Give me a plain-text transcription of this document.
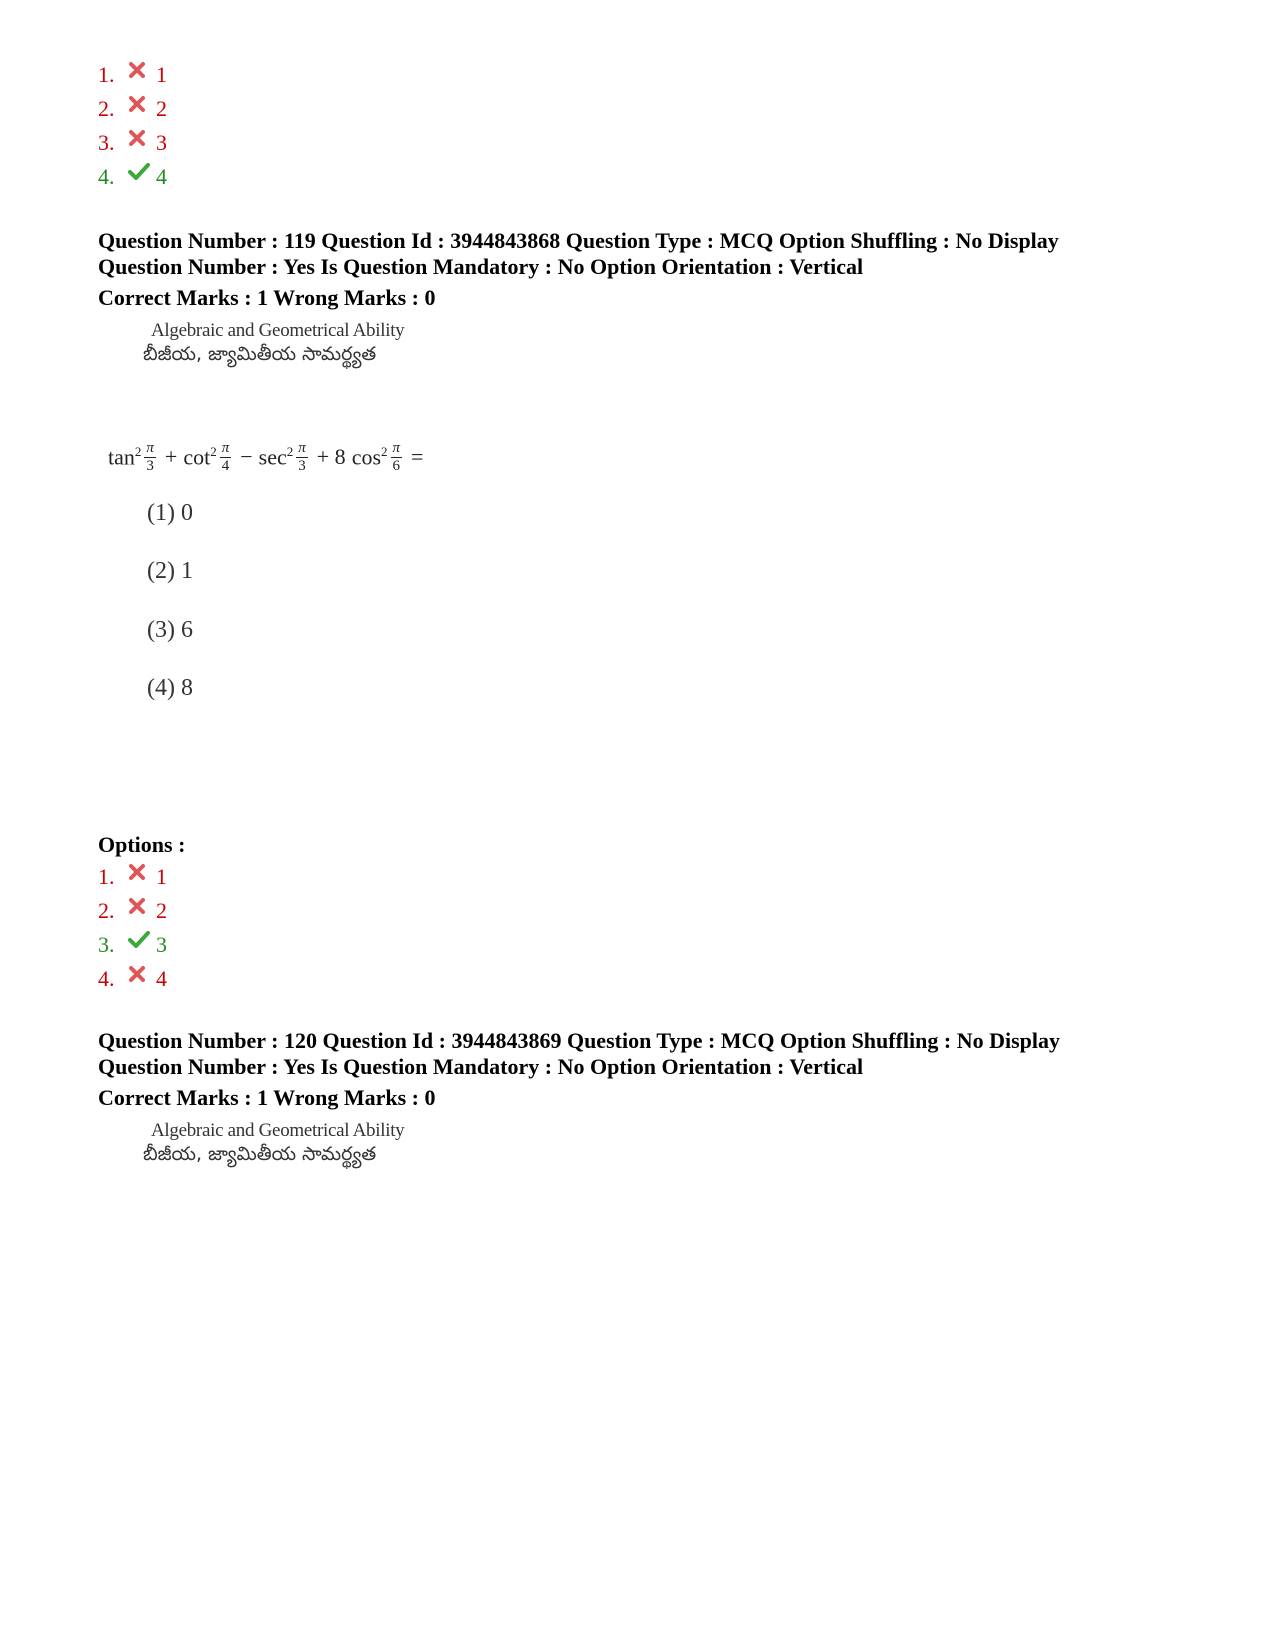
1.	1
2.	2
3.	3
4.	4
Question Number : 119 Question Id : 3944843868 Question Type : MCQ Option Shuffling : No Display
Question Number : Yes Is Question Mandatory : No Option Orientation : Vertical
Correct Marks : 1 Wrong Marks : 0
Algebraic and Geometrical Ability
బీజీయ, జ్యామితీయ సామర్థ్యత
$\tan^2 \frac{\pi}{3} + \cot^2 \frac{\pi}{4} - \sec^2 \frac{\pi}{3} + 8$ $\cos^2 \frac{\pi}{6}$ =
(1) 0
(2) 1
(3) 6
(4) 8
Options :
1.	1
2.	2
3.	3
4.	4
Question Number : 120 Question Id : 3944843869 Question Type : MCQ Option Shuffling : No Display
Question Number : Yes Is Question Mandatory : No Option Orientation : Vertical
Correct Marks : 1 Wrong Marks : 0
Algebraic and Geometrical Ability
బీజీయ, జ్యామితీయ సామర్థ్యత
